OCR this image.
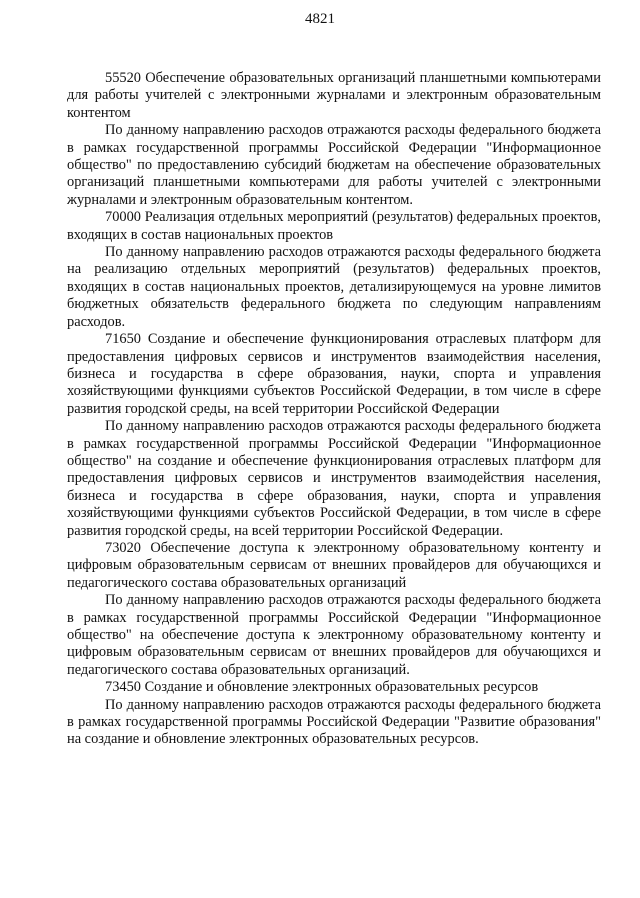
4821

55520 Обеспечение образовательных организаций планшетными компьютерами для работы учителей с электронными журналами и электронным образовательным контентом

По данному направлению расходов отражаются расходы федерального бюджета в рамках государственной программы Российской Федерации "Информационное общество" по предоставлению субсидий бюджетам на обеспечение образовательных организаций планшетными компьютерами для работы учителей с электронными журналами и электронным образовательным контентом.

70000 Реализация отдельных мероприятий (результатов) федеральных проектов, входящих в состав национальных проектов

По данному направлению расходов отражаются расходы федерального бюджета на реализацию отдельных мероприятий (результатов) федеральных проектов, входящих в состав национальных проектов, детализирующемуся на уровне лимитов бюджетных обязательств федерального бюджета по следующим направлениям расходов.

71650 Создание и обеспечение функционирования отраслевых платформ для предоставления цифровых сервисов и инструментов взаимодействия населения, бизнеса и государства в сфере образования, науки, спорта и управления хозяйствующими функциями субъектов Российской Федерации, в том числе в сфере развития городской среды, на всей территории Российской Федерации

По данному направлению расходов отражаются расходы федерального бюджета в рамках государственной программы Российской Федерации "Информационное общество" на создание и обеспечение функционирования отраслевых платформ для предоставления цифровых сервисов и инструментов взаимодействия населения, бизнеса и государства в сфере образования, науки, спорта и управления хозяйствующими функциями субъектов Российской Федерации, в том числе в сфере развития городской среды, на всей территории Российской Федерации.

73020 Обеспечение доступа к электронному образовательному контенту и цифровым образовательным сервисам от внешних провайдеров для обучающихся и педагогического состава образовательных организаций

По данному направлению расходов отражаются расходы федерального бюджета в рамках государственной программы Российской Федерации "Информационное общество" на обеспечение доступа к электронному образовательному контенту и цифровым образовательным сервисам от внешних провайдеров для обучающихся и педагогического состава образовательных организаций.

73450 Создание и обновление электронных образовательных ресурсов

По данному направлению расходов отражаются расходы федерального бюджета в рамках государственной программы Российской Федерации "Развитие образования" на создание и обновление электронных образовательных ресурсов.
